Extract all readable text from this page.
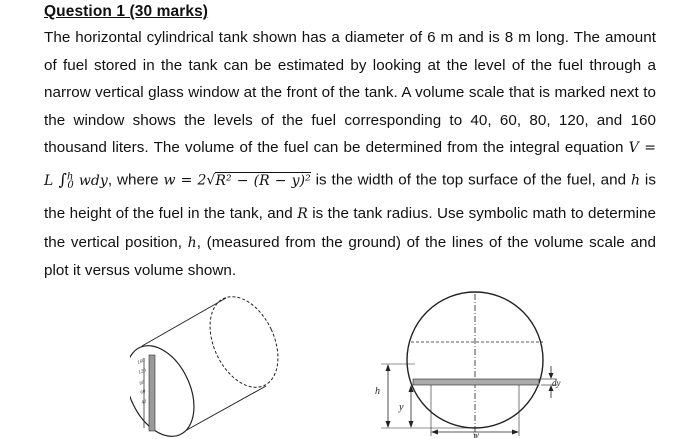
Question 1 (30 marks)
The horizontal cylindrical tank shown has a diameter of 6 m and is 8 m long. The amount of fuel stored in the tank can be estimated by looking at the level of the fuel through a narrow vertical glass window at the front of the tank. A volume scale that is marked next to the window shows the levels of the fuel corresponding to 40, 60, 80, 120, and 160 thousand liters. The volume of the fuel can be determined from the integral equation V = L ∫$^h_0$ wdy, where w = 2√R² − (R − y)² is the width of the top surface of the fuel, and h is the height of the fuel in the tank, and R is the tank radius. Use symbolic math to determine the vertical position, h, (measured from the ground) of the lines of the volume scale and plot it versus volume shown.
160
120
80
60
40
w
h
y
dy
